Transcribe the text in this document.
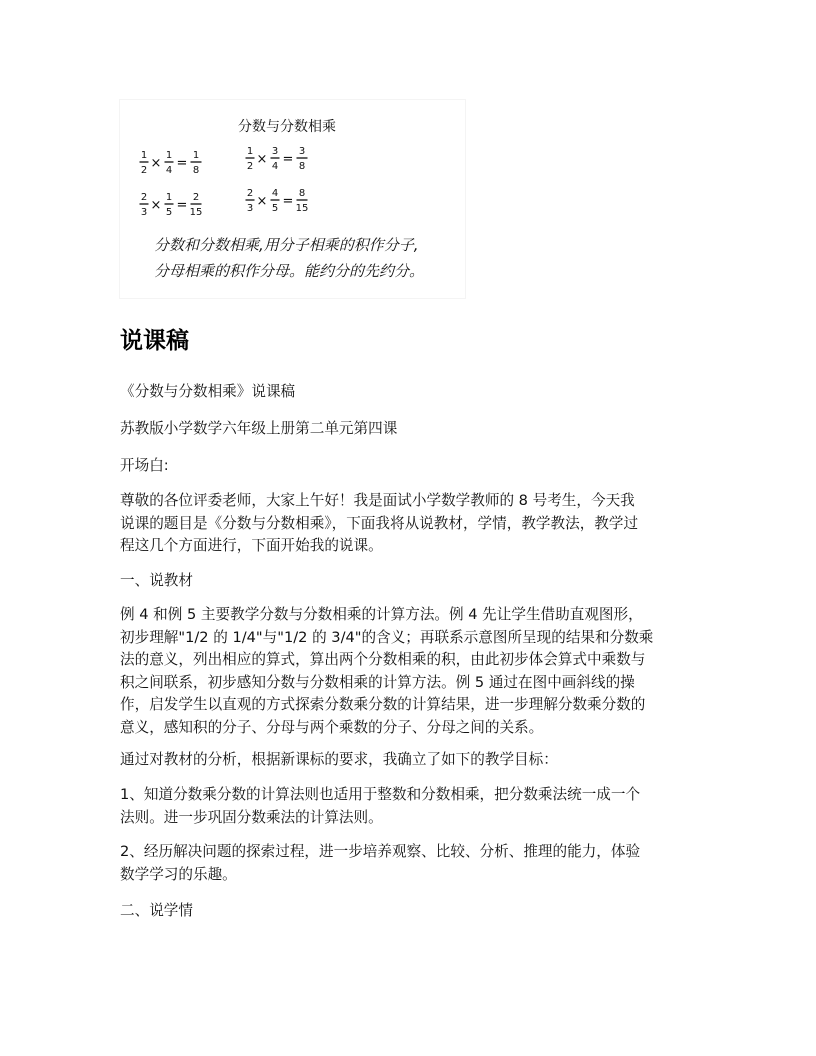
分数与分数相乘
1
2 ×
1
4 =
1
8
1
2 ×
3
4 =
3
8
2
3 ×
1
5 =
2
15
2
3 ×
4
5 =
8
15
分数和分数相乘,用分子相乘的积作分子,
分母相乘的积作分母。能约分的先约分。
说课稿
《分数与分数相乘》说课稿
苏教版小学数学六年级上册第二单元第四课
开场白:
尊敬的各位评委老师，大家上午好！我是面试小学数学教师的 8 号考生，今天我
说课的题目是《分数与分数相乘》，下面我将从说教材，学情，教学教法，教学过
程这几个方面进行，下面开始我的说课。
一、说教材
例 4 和例 5 主要教学分数与分数相乘的计算方法。例 4 先让学生借助直观图形，
初步理解"1/2 的 1/4"与"1/2 的 3/4"的含义；再联系示意图所呈现的结果和分数乘
法的意义，列出相应的算式，算出两个分数相乘的积，由此初步体会算式中乘数与
积之间联系，初步感知分数与分数相乘的计算方法。例 5 通过在图中画斜线的操
作，启发学生以直观的方式探索分数乘分数的计算结果，进一步理解分数乘分数的
意义，感知积的分子、分母与两个乘数的分子、分母之间的关系。
通过对教材的分析，根据新课标的要求，我确立了如下的教学目标：
1、知道分数乘分数的计算法则也适用于整数和分数相乘，把分数乘法统一成一个
法则。进一步巩固分数乘法的计算法则。
2、经历解决问题的探索过程，进一步培养观察、比较、分析、推理的能力，体验
数学学习的乐趣。
二、说学情
